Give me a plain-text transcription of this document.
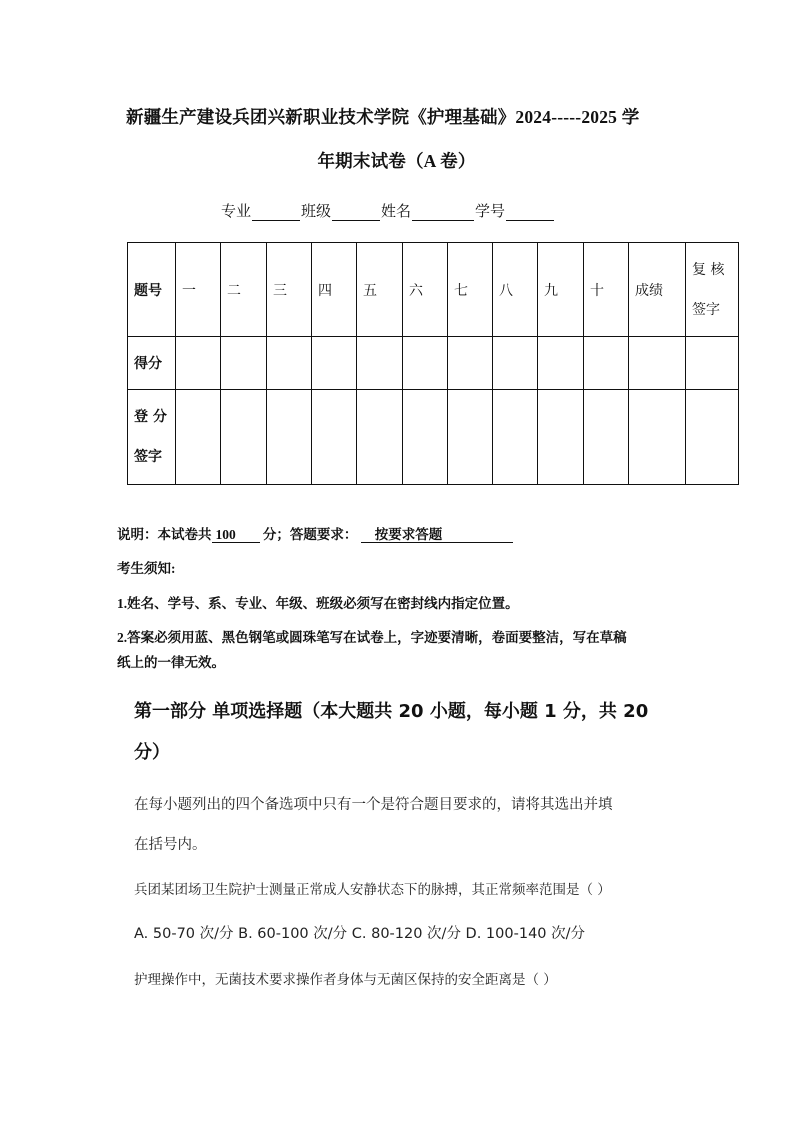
新疆生产建设兵团兴新职业技术学院《护理基础》2024-----2025 学
年期末试卷（A 卷）
专业	班级	姓名	学号
题号	一	二	三	四	五	六	七	八	九	十	成绩	复 核
签字

得分												

登 分
签字												

说明：本试卷共 100 分；答题要求： 按要求答题
考生须知:
1.姓名、学号、系、专业、年级、班级必须写在密封线内指定位置。
2.答案必须用蓝、黑色钢笔或圆珠笔写在试卷上，字迹要清晰，卷面要整洁，写在草稿
纸上的一律无效。
第一部分 单项选择题（本大题共 20 小题，每小题 1 分，共 20
分）
在每小题列出的四个备选项中只有一个是符合题目要求的，请将其选出并填
在括号内。
兵团某团场卫生院护士测量正常成人安静状态下的脉搏，其正常频率范围是（ ）
A. 50-70 次/分 B. 60-100 次/分 C. 80-120 次/分 D. 100-140 次/分
护理操作中，无菌技术要求操作者身体与无菌区保持的安全距离是（ ）
